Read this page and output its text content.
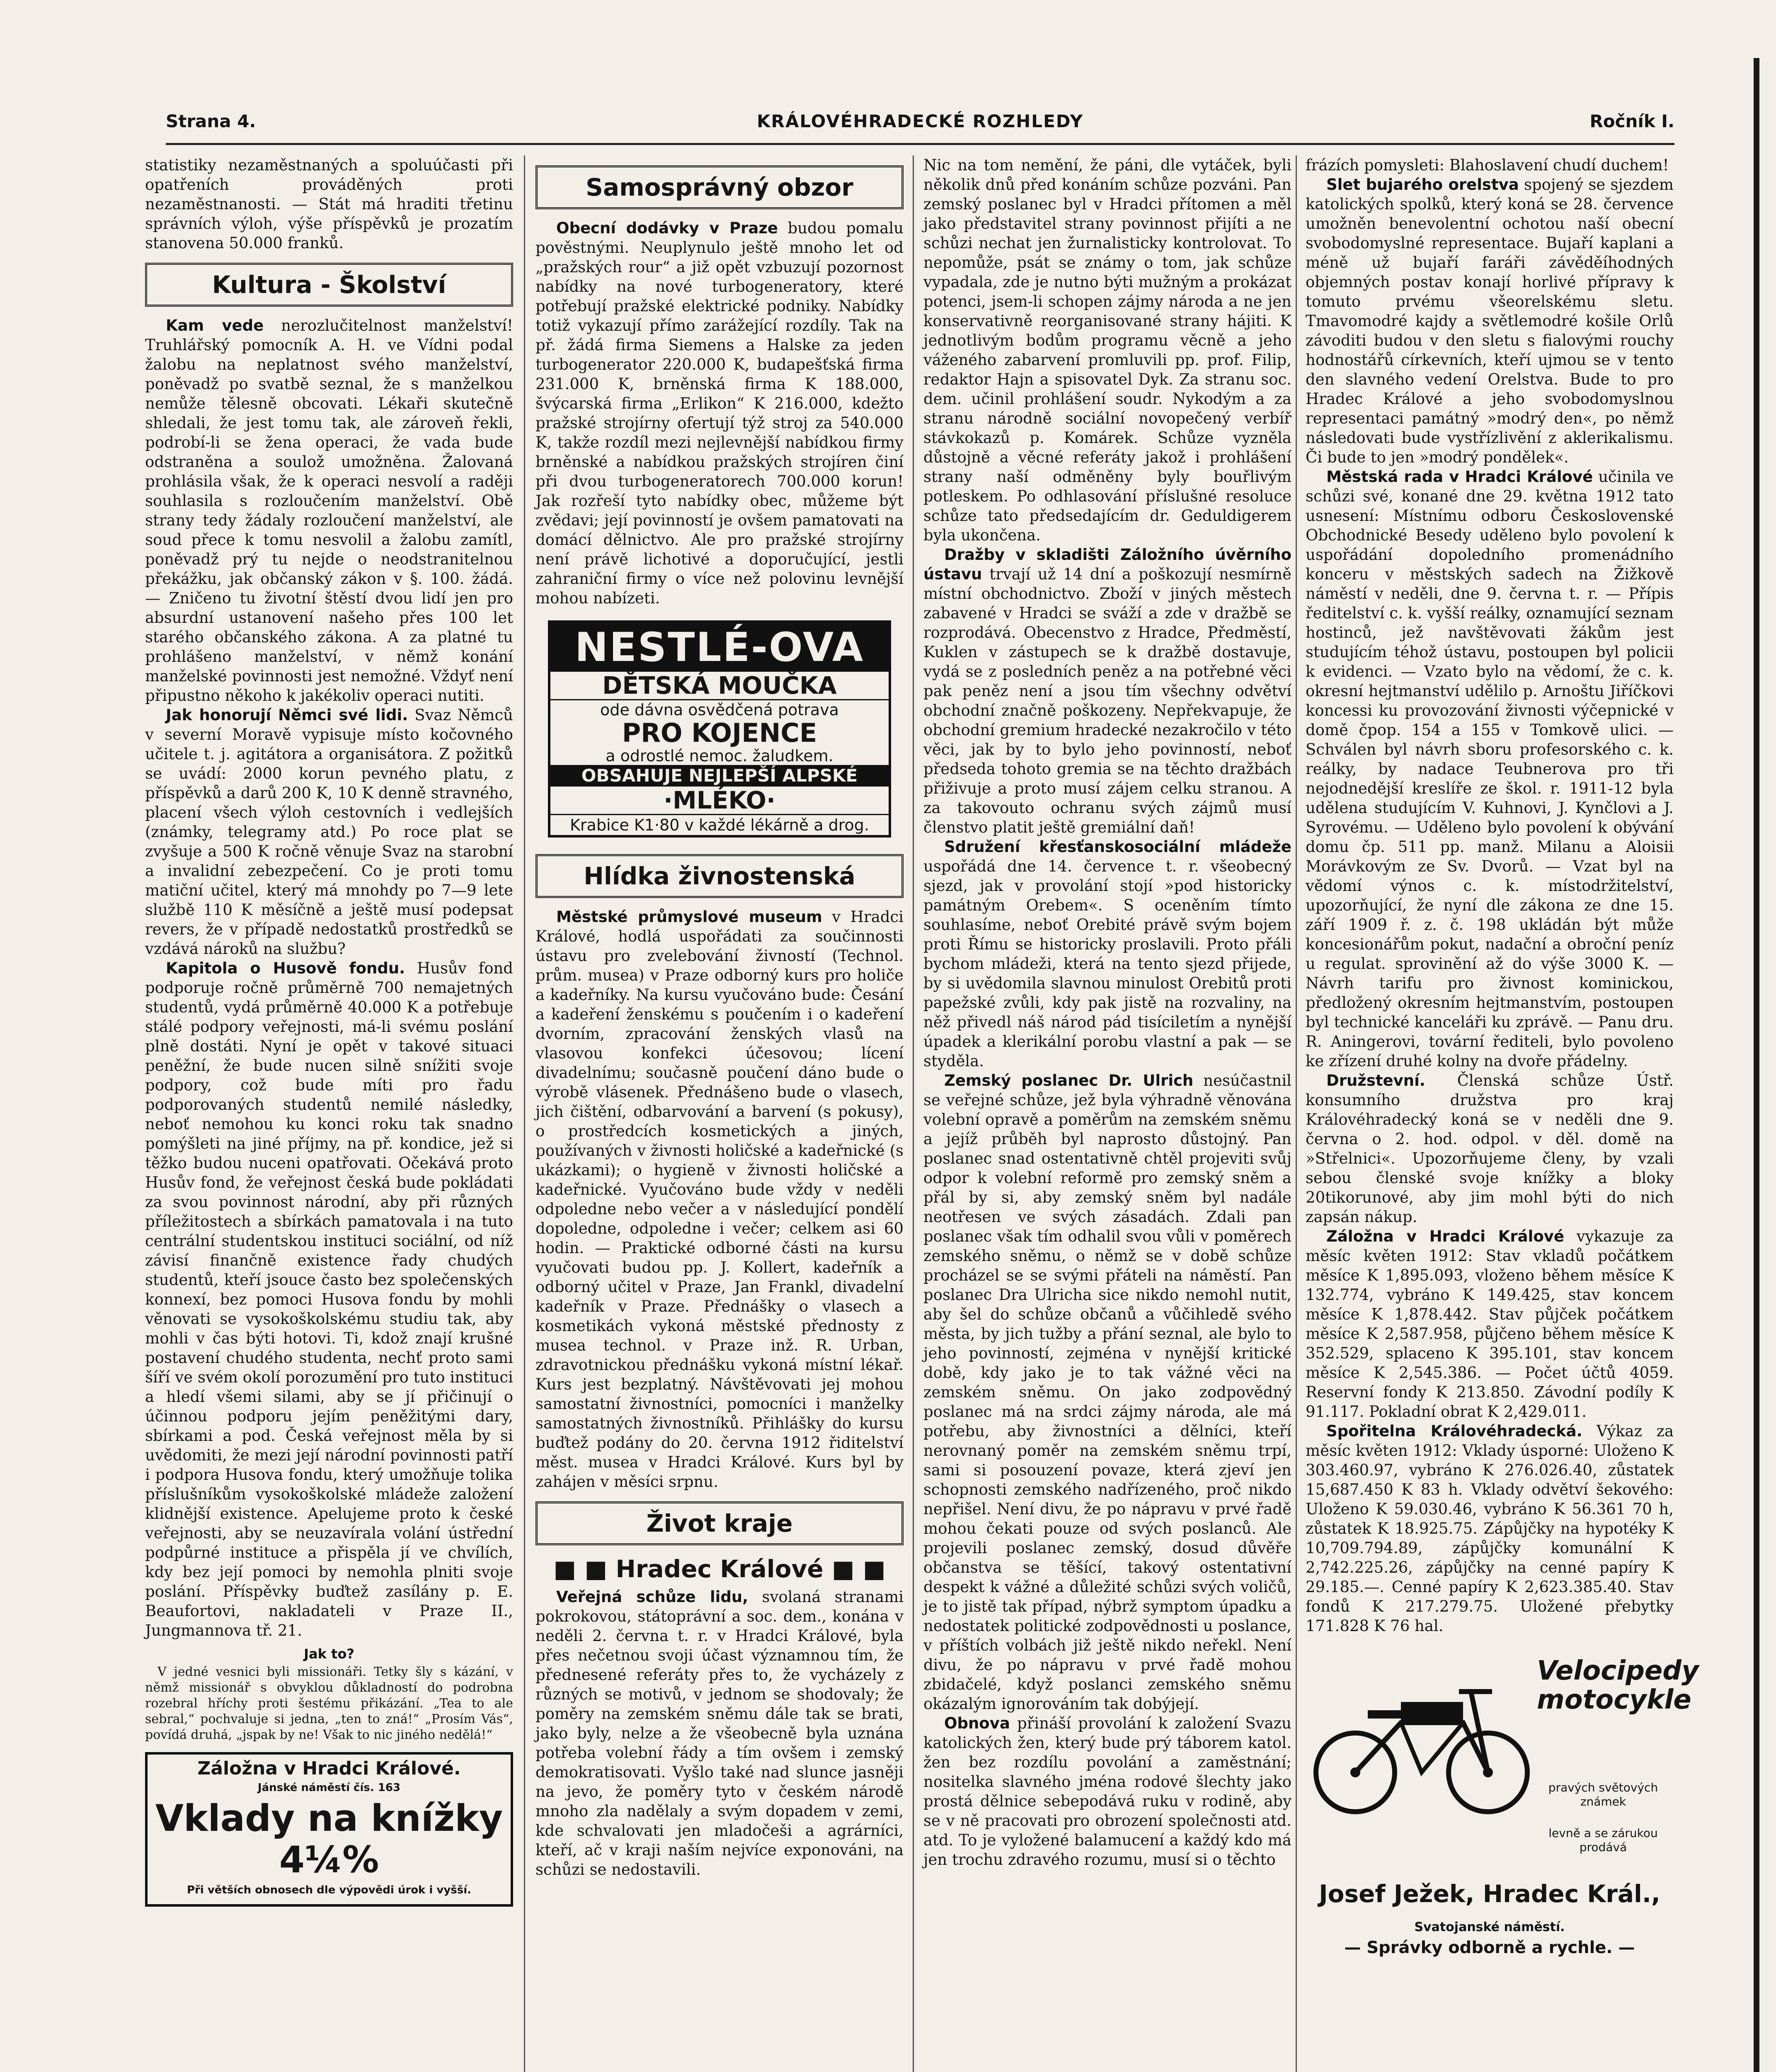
Strana 4.	KRÁLOVÉHRADECKÉ ROZHLEDY	Ročník I.

statistiky nezaměstnaných a spoluúčasti při opatřeních prováděných proti nezaměstnanosti. — Stát má hraditi třetinu správních výloh, výše příspěvků je prozatím stanovena 50.000 franků.

Kultura - Školství

Kam vede nerozlučitelnost manželství! Truhlářský pomocník A. H. ve Vídni podal žalobu na neplatnost svého manželství, poněvadž po svatbě seznal, že s manželkou nemůže tělesně obcovati. Lékaři skutečně shledali, že jest tomu tak, ale zároveň řekli, podrobí-li se žena operaci, že vada bude odstraněna a soulož umožněna. Žalovaná prohlásila však, že k operaci nesvolí a raději souhlasila s rozloučením manželství. Obě strany tedy žádaly rozloučení manželství, ale soud přece k tomu nesvolil a žalobu zamítl, poněvadž prý tu nejde o neodstranitelnou překážku, jak občanský zákon v §. 100. žádá. — Zničeno tu životní štěstí dvou lidí jen pro absurdní ustanovení našeho přes 100 let starého občanského zákona. A za platné tu prohlášeno manželství, v němž konání manželské povinnosti jest nemožné. Vždyť není připustno někoho k jakékoliv operaci nutiti.

Jak honorují Němci své lidi. Svaz Němců v severní Moravě vypisuje místo kočovného učitele t. j. agitátora a organisátora. Z požitků se uvádí: 2000 korun pevného platu, z příspěvků a darů 200 K, 10 K denně stravného, placení všech výloh cestovních i vedlejších (známky, telegramy atd.) Po roce plat se zvyšuje a 500 K ročně věnuje Svaz na starobní a invalidní zebezpečení. Co je proti tomu matiční učitel, který má mnohdy po 7—9 lete službě 110 K měsíčně a ještě musí podepsat revers, že v případě nedostatků prostředků se vzdává nároků na službu?

Kapitola o Husově fondu. Husův fond podporuje ročně průměrně 700 nemajetných studentů, vydá průměrně 40.000 K a potřebuje stálé podpory veřejnosti, má-li svému poslání plně dostáti. Nyní je opět v takové situaci peněžní, že bude nucen silně snížiti svoje podpory, což bude míti pro řadu podporovaných studentů nemilé následky, neboť nemohou ku konci roku tak snadno pomýšleti na jiné příjmy, na př. kondice, jež si těžko budou nuceni opatřovati. Očekává proto Husův fond, že veřejnost česká bude pokládati za svou povinnost národní, aby při různých příležitostech a sbírkách pamatovala i na tuto centrální studentskou instituci sociální, od níž závisí finančně existence řady chudých studentů, kteří jsouce často bez společenských konnexí, bez pomoci Husova fondu by mohli věnovati se vysokoškolskému studiu tak, aby mohli v čas býti hotovi. Ti, kdož znají krušné postavení chudého studenta, nechť proto sami šíří ve svém okolí porozumění pro tuto instituci a hledí všemi silami, aby se jí přičinují o účinnou podporu jejím peněžitými dary, sbírkami a pod. Česká veřejnost měla by si uvědomiti, že mezi její národní povinnosti patří i podpora Husova fondu, který umožňuje tolika příslušníkům vysokoškolské mládeže založení klidnější existence. Apelujeme proto k české veřejnosti, aby se neuzavírala volání ústřední podpůrné instituce a přispěla jí ve chvílích, kdy bez její pomoci by nemohla plniti svoje poslání. Příspěvky buďtež zasílány p. E. Beaufortovi, nakladateli v Praze II., Jungmannova tř. 21.

Jak to?

V jedné vesnici byli missionáři. Tetky šly s kázání, v němž missionář s obvyklou důkladností do podrobna rozebral hříchy proti šestému přikázání. „Tea to ale sebral,“ pochvaluje si jedna, „ten to zná!“ „Prosím Vás“, povídá druhá, „jspak by ne! Však to nic jiného nedělá!“

Záložna v Hradci Králové.
Jánské náměstí čís. 163
Vklady na knížky 4¼%
Při větších obnosech dle výpovědi úrok i vyšší.
Samosprávný obzor

Obecní dodávky v Praze budou pomalu pověstnými. Neuplynulo ještě mnoho let od „pražských rour“ a již opět vzbuzují pozornost nabídky na nové turbogeneratory, které potřebují pražské elektrické podniky. Nabídky totiž vykazují přímo zarážející rozdíly. Tak na př. žádá firma Siemens a Halske za jeden turbogenerator 220.000 K, budapešťská firma 231.000 K, brněnská firma K 188.000, švýcarská firma „Erlikon“ K 216.000, kdežto pražské strojírny ofertují týž stroj za 540.000 K, takže rozdíl mezi nejlevnější nabídkou firmy brněnské a nabídkou pražských strojíren činí při dvou turbogeneratorech 700.000 korun! Jak rozřeší tyto nabídky obec, můžeme být zvědavi; její povinností je ovšem pamatovati na domácí dělnictvo. Ale pro pražské strojírny není právě lichotivé a doporučující, jestli zahraniční firmy o více než polovinu levnější mohou nabízeti.

NESTLÉ-OVA
DĚTSKÁ MOUČKA
ode dávna osvědčená potrava
PRO KOJENCE
a odrostlé nemoc. žaludkem.
OBSAHUJE NEJLEPŠÍ ALPSKÉ
·MLÉKO·
Krabice K1·80 v každé lékárně a drog.
Hlídka živnostenská

Městské průmyslové museum v Hradci Králové, hodlá uspořádati za součinnosti ústavu pro zvelebování živností (Technol. prům. musea) v Praze odborný kurs pro holiče a kadeřníky. Na kursu vyučováno bude: Česání a kadeření ženskému s poučením i o kadeření dvorním, zpracování ženských vlasů na vlasovou konfekci účesovou; lícení divadelnímu; současně poučení dáno bude o výrobě vlásenek. Přednášeno bude o vlasech, jich čištění, odbarvování a barvení (s pokusy), o prostředcích kosmetických a jiných, používaných v živnosti holičské a kadeřnické (s ukázkami); o hygieně v živnosti holičské a kadeřnické. Vyučováno bude vždy v neděli odpoledne nebo večer a v následující pondělí dopoledne, odpoledne i večer; celkem asi 60 hodin. — Praktické odborné části na kursu vyučovati budou pp. J. Kollert, kadeřník a odborný učitel v Praze, Jan Frankl, divadelní kadeřník v Praze. Přednášky o vlasech a kosmetikách vykoná městské přednosty z musea technol. v Praze inž. R. Urban, zdravotnickou přednášku vykoná místní lékař. Kurs jest bezplatný. Návštěvovati jej mohou samostatní živnostníci, pomocníci i manželky samostatných živnostníků. Přihlášky do kursu buďtež podány do 20. června 1912 řiditelství měst. musea v Hradci Králové. Kurs byl by zahájen v měsíci srpnu.

Život kraje
■ ■ Hradec Králové ■ ■

Veřejná schůze lidu, svolaná stranami pokrokovou, státoprávní a soc. dem., konána v neděli 2. června t. r. v Hradci Králové, byla přes nečetnou svoji účast významnou tím, že přednesené referáty přes to, že vycházely z různých se motivů, v jednom se shodovaly; že poměry na zemském sněmu dále tak se brati, jako byly, nelze a že všeobecně byla uznána potřeba volební řády a tím ovšem i zemský demokratisovati. Vyšlo také nad slunce jasněji na jevo, že poměry tyto v českém národě mnoho zla nadělaly a svým dopadem v zemi, kde schvalovati jen mladočeši a agrárníci, kteří, ač v kraji naším nejvíce exponováni, na schůzi se nedostavili.

Nic na tom nemění, že páni, dle vytáček, byli několik dnů před konáním schůze pozváni. Pan zemský poslanec byl v Hradci přítomen a měl jako představitel strany povinnost přijíti a ne schůzi nechat jen žurnalisticky kontrolovat. To nepomůže, psát se známy o tom, jak schůze vypadala, zde je nutno býti mužným a prokázat potenci, jsem-li schopen zájmy národa a ne jen konservativně reorganisované strany hájiti. K jednotlivým bodům programu věcně a jeho váženého zabarvení promluvili pp. prof. Filip, redaktor Hajn a spisovatel Dyk. Za stranu soc. dem. učinil prohlášení soudr. Nykodým a za stranu národně sociální novopečený verbíř stávkokazů p. Komárek. Schůze vyzněla důstojně a věcné referáty jakož i prohlášení strany naší odměněny byly bouřlivým potleskem. Po odhlasování příslušné resoluce schůze tato předsedajícím dr. Geduldigerem byla ukončena.

Dražby v skladišti Záložního úvěrního ústavu trvají už 14 dní a poškozují nesmírně místní obchodnictvo. Zboží v jiných městech zabavené v Hradci se sváží a zde v dražbě se rozprodává. Obecenstvo z Hradce, Předměstí, Kuklen v zástupech se k dražbě dostavuje, vydá se z posledních peněz a na potřebné věci pak peněz není a jsou tím všechny odvětví obchodní značně poškozeny. Nepřekvapuje, že obchodní gremium hradecké nezakročilo v této věci, jak by to bylo jeho povinností, neboť předseda tohoto gremia se na těchto dražbách přiživuje a proto musí zájem celku stranou. A za takovouto ochranu svých zájmů musí členstvo platit ještě gremiální daň!

Sdružení křesťanskosociální mládeže uspořádá dne 14. července t. r. všeobecný sjezd, jak v provolání stojí »pod historicky památným Orebem«. S oceněním tímto souhlasíme, neboť Orebité právě svým bojem proti Římu se historicky proslavili. Proto přáli bychom mládeži, která na tento sjezd přijede, by si uvědomila slavnou minulost Orebitů proti papežské zvůli, kdy pak jistě na rozvaliny, na něž přivedl náš národ pád tisíciletím a nynější úpadek a klerikální porobu vlastní a pak — se styděla.

Zemský poslanec Dr. Ulrich nesúčastnil se veřejné schůze, jež byla výhradně věnována volební opravě a poměrům na zemském sněmu a jejíž průběh byl naprosto důstojný. Pan poslanec snad ostentativně chtěl projeviti svůj odpor k volební reformě pro zemský sněm a přál by si, aby zemský sněm byl nadále neotřesen ve svých zásadách. Zdali pan poslanec však tím odhalil svou vůli v poměrech zemského sněmu, o němž se v době schůze procházel se se svými přáteli na náměstí. Pan poslanec Dra Ulricha sice nikdo nemohl nutit, aby šel do schůze občanů a vůčihledě svého města, by jich tužby a přání seznal, ale bylo to jeho povinností, zejména v nynější kritické době, kdy jako je to tak vážné věci na zemském sněmu. On jako zodpovědný poslanec má na srdci zájmy národa, ale má potřebu, aby živnostníci a dělníci, kteří nerovnaný poměr na zemském sněmu trpí, sami si posouzení povaze, která zjeví jen schopnosti zemského nadřízeného, proč nikdo nepřišel. Není divu, že po nápravu v prvé řadě mohou čekati pouze od svých poslanců. Ale projevili poslanec zemský, dosud důvěře občanstva se těšící, takový ostentativní despekt k vážné a důležité schůzi svých voličů, je to jistě tak případ, nýbrž symptom úpadku a nedostatek politické zodpovědnosti u poslance, v příštích volbách již ještě nikdo neřekl. Není divu, že po nápravu v prvé řadě mohou zbidačelé, když poslanci zemského sněmu okázalým ignorováním tak dobýjejí.

Obnova přináší provolání k založení Svazu katolických žen, který bude prý táborem katol. žen bez rozdílu povolání a zaměstnání; nositelka slavného jména rodové šlechty jako prostá dělnice sebepodává ruku v rodině, aby se v ně pracovati pro obrození společnosti atd. atd. To je vyložené balamucení a každý kdo má jen trochu zdravého rozumu, musí si o těchto

frázích pomysleti: Blahoslavení chudí duchem!

Slet bujarého orelstva spojený se sjezdem katolických spolků, který koná se 28. července umožněn benevolentní ochotou naší obecní svobodomyslné representace. Bujaří kaplani a méně už bujaří faráři závěděíhodných objemných postav konají horlivé přípravy k tomuto prvému všeorelskému sletu. Tmavomodré kajdy a světlemodré košile Orlů závoditi budou v den sletu s fialovými rouchy hodnostářů církevních, kteří ujmou se v tento den slavného vedení Orelstva. Bude to pro Hradec Králové a jeho svobodomyslnou representaci památný »modrý den«, po němž následovati bude vystřízlivění z aklerikalismu. Či bude to jen »modrý pondělek«.

Městská rada v Hradci Králové učinila ve schůzi své, konané dne 29. května 1912 tato usnesení: Místnímu odboru Československé Obchodnické Besedy uděleno bylo povolení k uspořádání dopoledního promenádního konceru v městských sadech na Žižkově náměstí v neděli, dne 9. června t. r. — Přípis ředitelství c. k. vyšší reálky, oznamující seznam hostinců, jež navštěvovati žákům jest studujícím téhož ústavu, postoupen byl policii k evidenci. — Vzato bylo na vědomí, že c. k. okresní hejtmanství udělilo p. Arnoštu Jiříčkovi koncessi ku provozování živnosti výčepnické v domě čpop. 154 a 155 v Tomkově ulici. — Schválen byl návrh sboru profesorského c. k. reálky, by nadace Teubnerova pro tři nejodnedější kreslíře ze škol. r. 1911-12 byla udělena studujícím V. Kuhnovi, J. Kynčlovi a J. Syrovému. — Uděleno bylo povolení k obývání domu čp. 511 pp. manž. Milanu a Aloisii Morávkovým ze Sv. Dvorů. — Vzat byl na vědomí výnos c. k. místodržitelství, upozorňující, že nyní dle zákona ze dne 15. září 1909 ř. z. č. 198 ukládán být může koncesionářům pokut, nadační a obroční peníz u regulat. sprovinění až do výše 3000 K. — Návrh tarifu pro živnost kominickou, předložený okresním hejtmanstvím, postoupen byl technické kanceláři ku zprávě. — Panu dru. R. Aningerovi, tovární řediteli, bylo povoleno ke zřízení druhé kolny na dvoře přádelny.

Družstevní. Členská schůze Ústř. konsumního družstva pro kraj Královéhradecký koná se v neděli dne 9. června o 2. hod. odpol. v děl. domě na »Střelnici«. Upozorňujeme členy, by vzali sebou členské svoje knížky a bloky 20tikorunové, aby jim mohl býti do nich zapsán nákup.

Záložna v Hradci Králové vykazuje za měsíc květen 1912: Stav vkladů počátkem měsíce K 1,895.093, vloženo během měsíce K 132.774, vybráno K 149.425, stav koncem měsíce K 1,878.442. Stav půjček počátkem měsíce K 2,587.958, půjčeno během měsíce K 352.529, splaceno K 395.101, stav koncem měsíce K 2,545.386. — Počet účtů 4059. Reservní fondy K 213.850. Závodní podíly K 91.117. Pokladní obrat K 2,429.011.

Spořitelna Královéhradecká. Výkaz za měsíc květen 1912: Vklady úsporné: Uloženo K 303.460.97, vybráno K 276.026.40, zůstatek 15,687.450 K 83 h. Vklady odvětví šekového: Uloženo K 59.030.46, vybráno K 56.361 70 h, zůstatek K 18.925.75. Zápůjčky na hypotéky K 10,709.794.89, zápůjčky komunální K 2,742.225.26, zápůjčky na cenné papíry K 29.185.—. Cenné papíry K 2,623.385.40. Stav fondů K 217.279.75. Uložené přebytky 171.828 K 76 hal.

Velocipedy motocykle
pravých světových známek
levně a se zárukou prodává
Josef Ježek, Hradec Král.,
Svatojanské náměstí.
— Správky odborně a rychle. —
